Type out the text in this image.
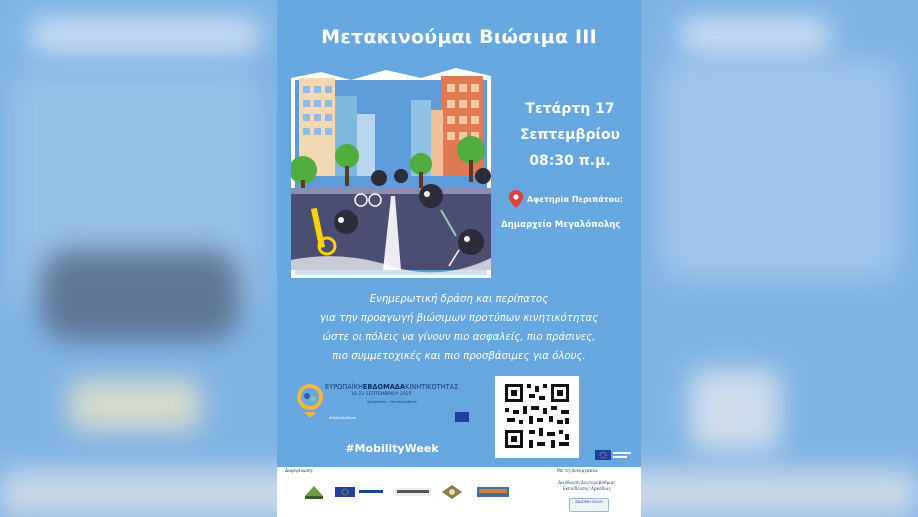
Μετακινούμαι Βιώσιμα ΙΙΙ
Τετάρτη 17
Σεπτεμβρίου
08:30 π.μ.
Αφετηρία Περιπάτου:
Δημαρχείο Μεγαλόπολης
Ενημερωτική δράση και περίπατος
για την προαγωγή βιώσιμων προτύπων κινητικότητας
ώστε οι πόλεις να γίνουν πιο ασφαλείς, πιο πράσινες,
πιο συμμετοχικές και πιο προσβάσιμες για όλους.
ΕΥΡΩΠΑΪΚΗΕΒΔΟΜΑΔΑΚΙΝΗΤΙΚΟΤΗΤΑΣ
16-22 ΣΕΠΤΕΜΒΡΙΟΥ 2025
Συνδεθείτε · Μετακινηθείτε
#MobilityWeek
#MobilityWeek
Διοργάνωση:	Με τη συνεργασία:
Διεύθυνση Δευτεροβάθμιας
Εκπαίδευσης Αρκαδίας
ΒΙΩΣΙΜΗ ΠΟΛΗ
